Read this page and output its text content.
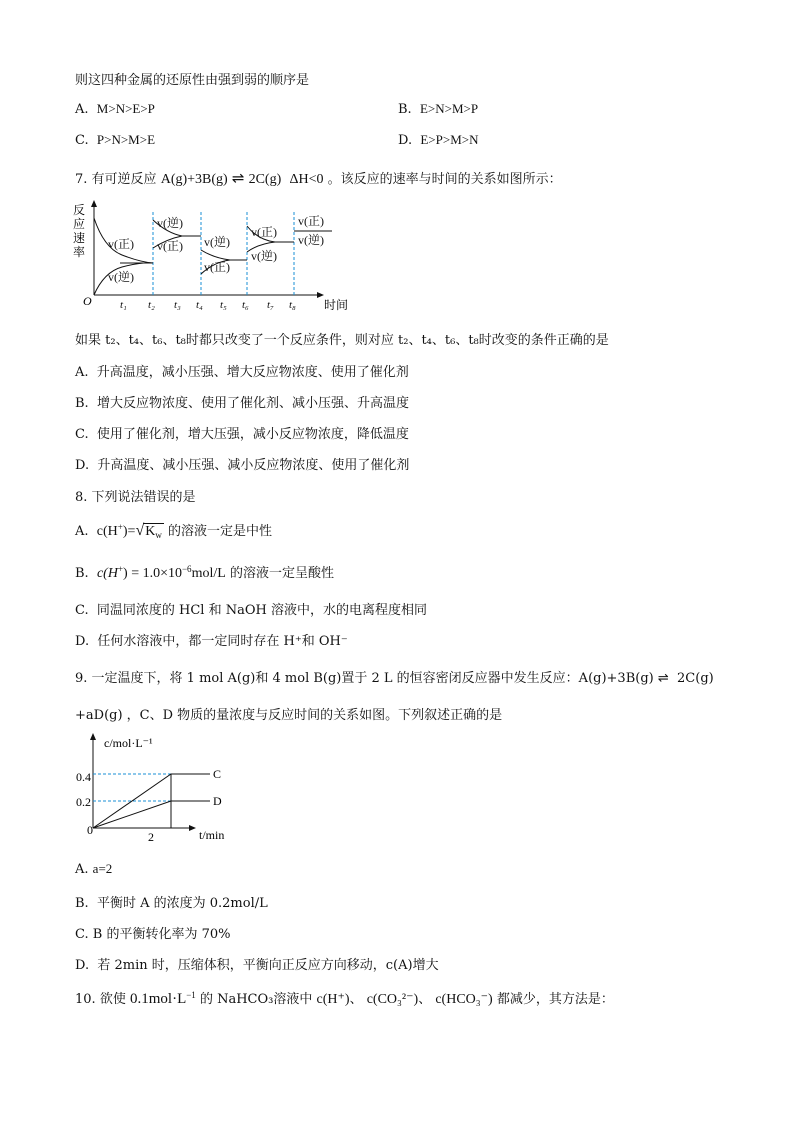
则这四种金属的还原性由强到弱的顺序是
A. M>N>E>P	B. E>N>M>P
C. P>N>M>E	D. E>P>M>N
7. 有可逆反应 A(g)+3B(g) ⇌ 2C(g) ΔH<0 。该反应的速率与时间的关系如图所示：
反
应
速
率
O	时间
v(正)
v(逆)
v(逆)
v(正) v(逆)
v(正)
v(正)
v(逆)
v(正)
v(逆)
t₁ t₂ t₃ t₄ t₅ t₆ t₇ t₈
如果 t₂、t₄、t₆、t₈时都只改变了一个反应条件，则对应 t₂、t₄、t₆、t₈时改变的条件正确的是
A. 升高温度，减小压强、增大反应物浓度、使用了催化剂
B. 增大反应物浓度、使用了催化剂、减小压强、升高温度
C. 使用了催化剂，增大压强，减小反应物浓度，降低温度
D. 升高温度、减小压强、减小反应物浓度、使用了催化剂
8. 下列说法错误的是
A. $c(H^+)=√K_w$ 的溶液一定是中性
B. $c(H^+) = 1.0\times 10^{-6}mol/L$ 的溶液一定呈酸性
C. 同温同浓度的 HCl 和 NaOH 溶液中，水的电离程度相同
D. 任何水溶液中，都一定同时存在 H⁺和 OH⁻
9. 一定温度下，将 1 mol A(g)和 4 mol B(g)置于 2 L 的恒容密闭反应器中发生反应：A(g)+3B(g) ⇌ 2C(g)
+aD(g) ，C、D 物质的量浓度与反应时间的关系如图。下列叙述正确的是
c/mol·L⁻¹
t/min
0.4
0.2
0	2
C
D
A. a=2
B. 平衡时 A 的浓度为 0.2mol/L
C. B 的平衡转化率为 70%
D. 若 2min 时，压缩体积，平衡向正反应方向移动，c(A)增大
10. 欲使 $0.1mol\cdot L^{-1}$ 的 NaHCO₃溶液中 c(H⁺)、 c(CO₃²⁻)、 c(HCO₃⁻) 都减少，其方法是：
